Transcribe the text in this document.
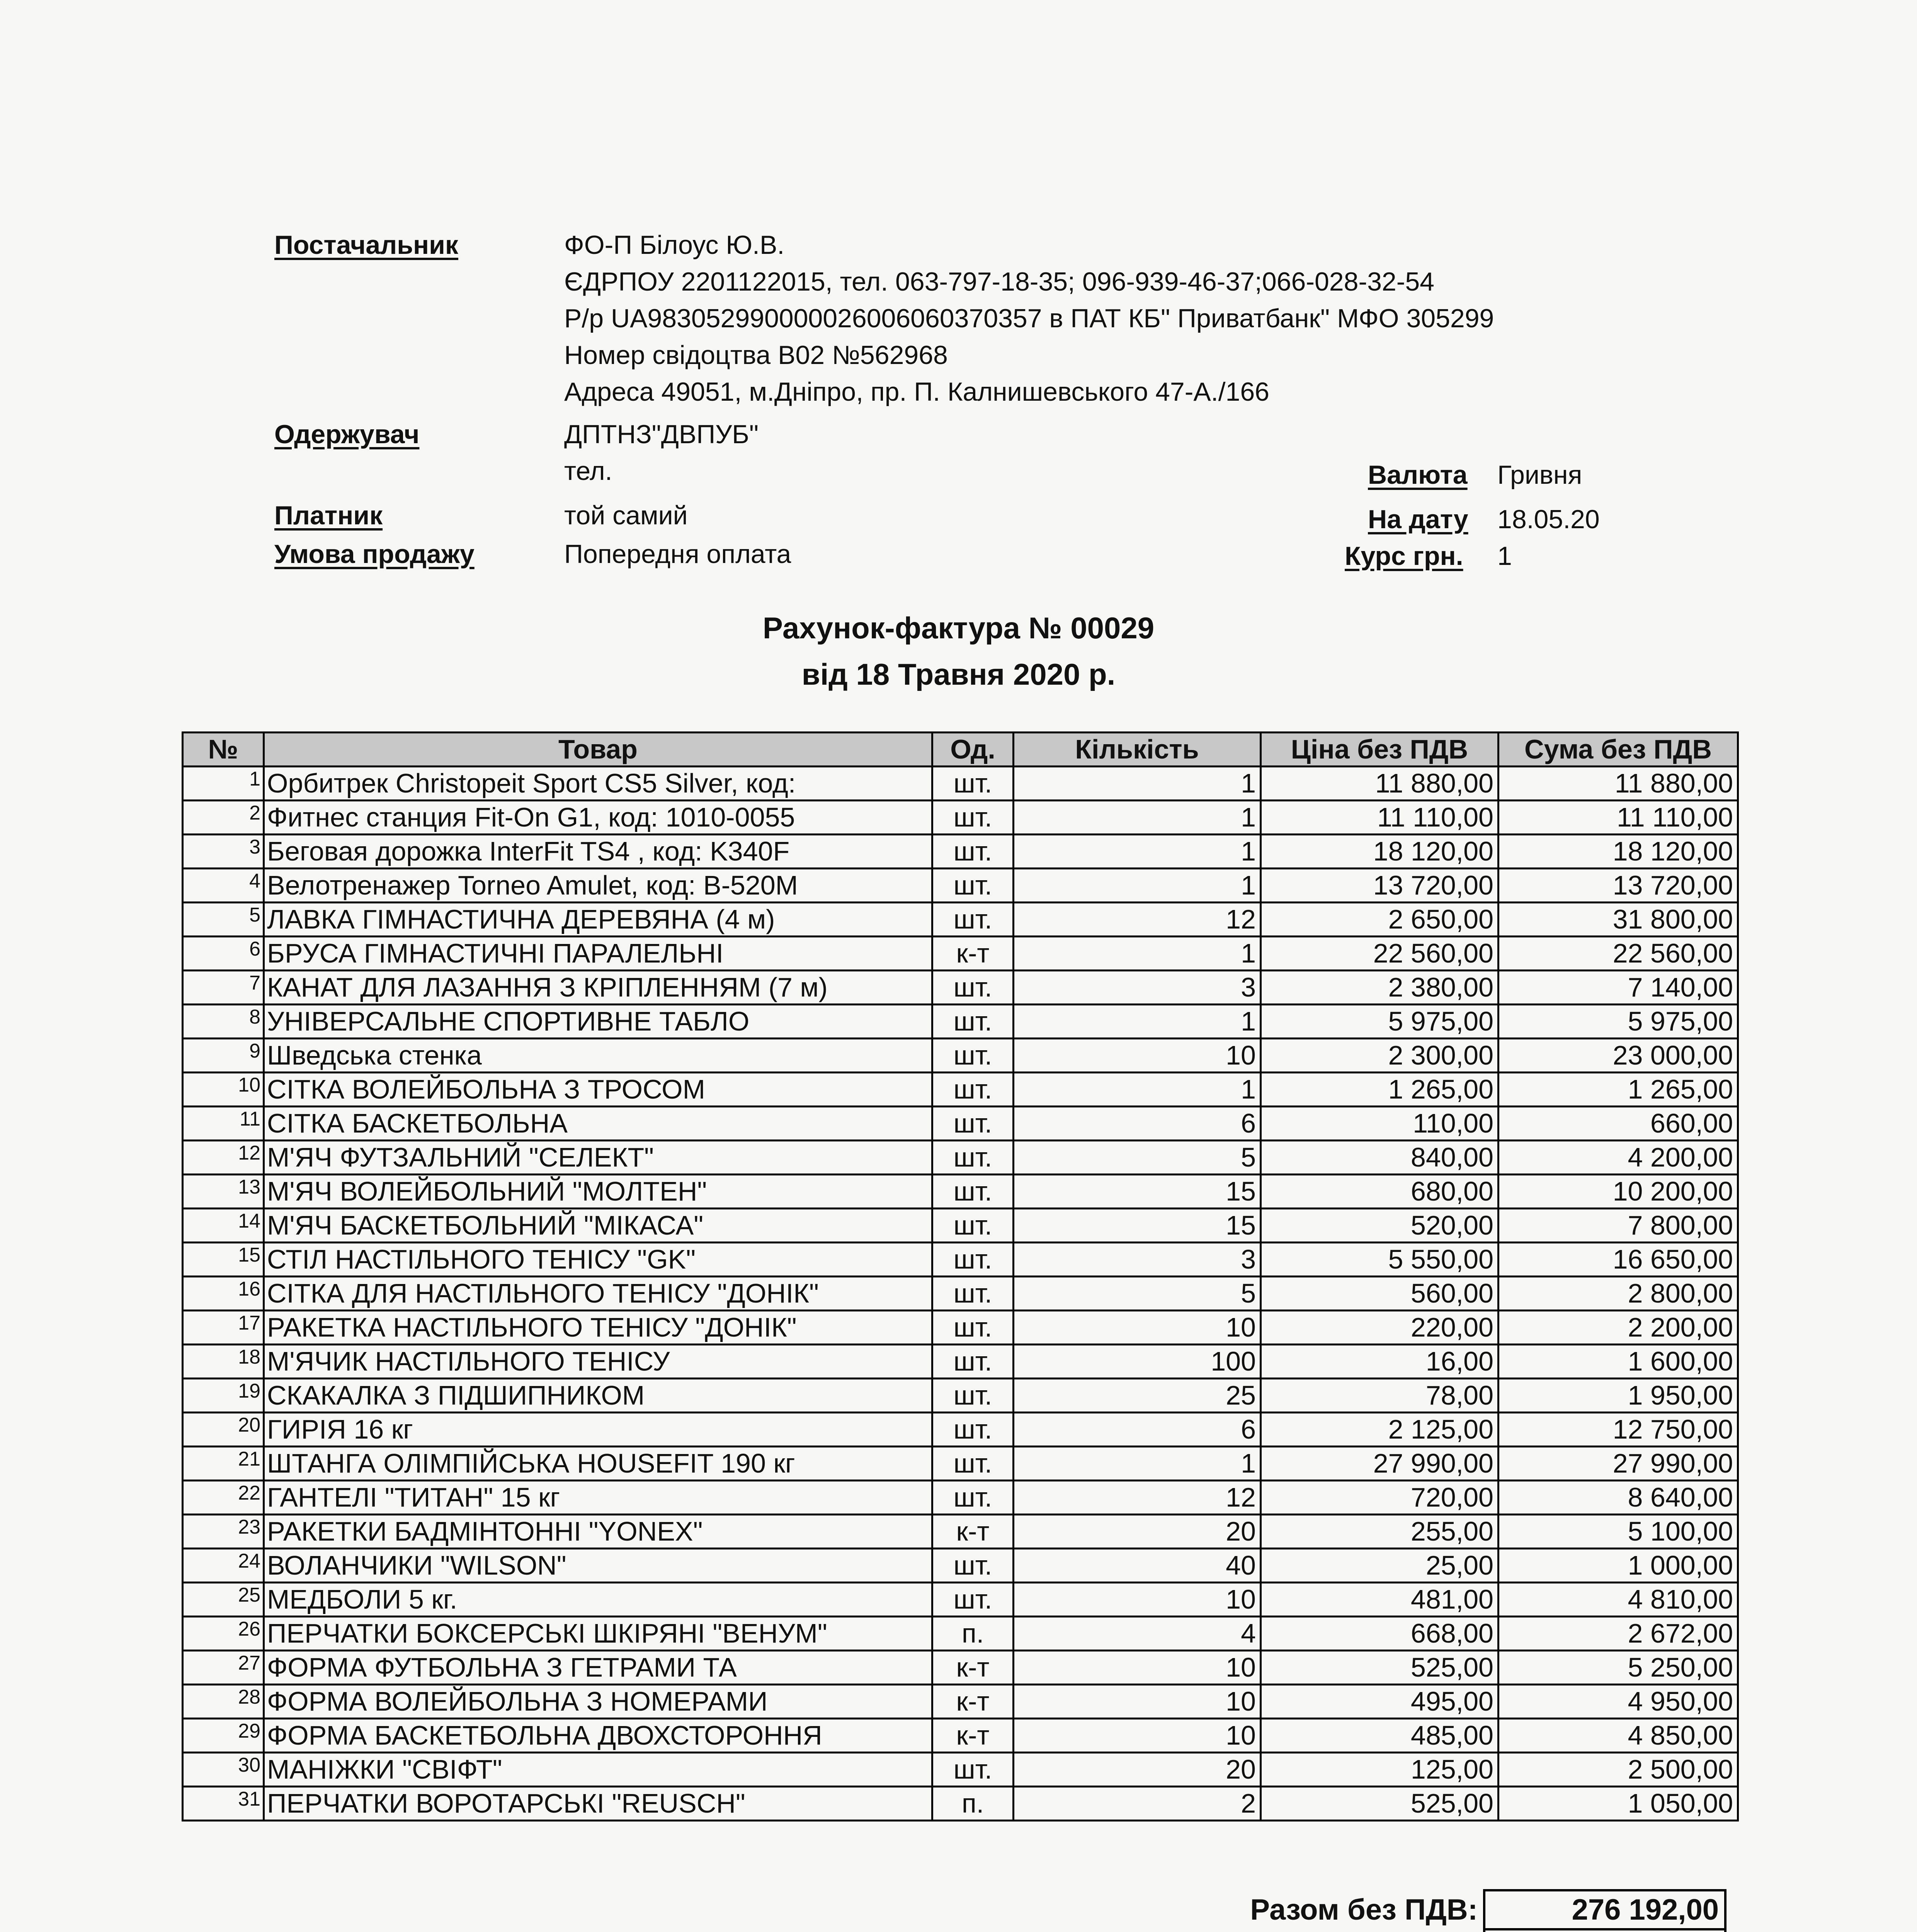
Постачальник	ФО-П Білоус Ю.В.
ЄДРПОУ 2201122015, тел. 063-797-18-35; 096-939-46-37;066-028-32-54
Р/р UA983052990000026006060370357 в ПАТ КБ" Приватбанк" МФО 305299
Номер свідоцтва В02 №562968
Адреса 49051, м.Дніпро, пр. П. Калнишевського 47-А./166
Одержувач	ДПТНЗ"ДВПУБ"
тел.	Валюта Гривня
Платник	той самий	На дату 18.05.20
Умова продажу	Попередня оплата	Курс грн. 1
Рахунок-фактура № 00029
від 18 Травня 2020 р.
№	Товар	Од.	Кількість	Ціна без ПДВ	Сума без ПДВ
1	Орбитрек Christopeit Sport CS5 Silver, код:	шт.	1	11 880,00	11 880,00
2	Фитнес станция Fit-On G1, код: 1010-0055	шт.	1	11 110,00	11 110,00
3	Беговая дорожка InterFit TS4 , код: K340F	шт.	1	18 120,00	18 120,00
4	Велотренажер Torneo Amulet, код: B-520M	шт.	1	13 720,00	13 720,00
5	ЛАВКА ГІМНАСТИЧНА ДЕРЕВЯНА (4 м)	шт.	12	2 650,00	31 800,00
6	БРУСА ГІМНАСТИЧНІ ПАРАЛЕЛЬНІ	к-т	1	22 560,00	22 560,00
7	КАНАТ ДЛЯ ЛАЗАННЯ З КРІПЛЕННЯМ (7 м)	шт.	3	2 380,00	7 140,00
8	УНІВЕРСАЛЬНЕ СПОРТИВНЕ ТАБЛО	шт.	1	5 975,00	5 975,00
9	Шведська стенка	шт.	10	2 300,00	23 000,00
10	СІТКА ВОЛЕЙБОЛЬНА З ТРОСОМ	шт.	1	1 265,00	1 265,00
11	СІТКА БАСКЕТБОЛЬНА	шт.	6	110,00	660,00
12	М'ЯЧ ФУТЗАЛЬНИЙ "СЕЛЕКТ"	шт.	5	840,00	4 200,00
13	М'ЯЧ ВОЛЕЙБОЛЬНИЙ "МОЛТЕН"	шт.	15	680,00	10 200,00
14	М'ЯЧ БАСКЕТБОЛЬНИЙ "МІКАСА"	шт.	15	520,00	7 800,00
15	СТІЛ НАСТІЛЬНОГО ТЕНІСУ "GK"	шт.	3	5 550,00	16 650,00
16	СІТКА ДЛЯ НАСТІЛЬНОГО ТЕНІСУ "ДОНІК"	шт.	5	560,00	2 800,00
17	РАКЕТКА НАСТІЛЬНОГО ТЕНІСУ "ДОНІК"	шт.	10	220,00	2 200,00
18	М'ЯЧИК НАСТІЛЬНОГО ТЕНІСУ	шт.	100	16,00	1 600,00
19	СКАКАЛКА З ПІДШИПНИКОМ	шт.	25	78,00	1 950,00
20	ГИРІЯ 16 кг	шт.	6	2 125,00	12 750,00
21	ШТАНГА ОЛІМПІЙСЬКА HOUSEFIT 190 кг	шт.	1	27 990,00	27 990,00
22	ГАНТЕЛІ "ТИТАН" 15 кг	шт.	12	720,00	8 640,00
23	РАКЕТКИ БАДМІНТОННІ "YONEX"	к-т	20	255,00	5 100,00
24	ВОЛАНЧИКИ "WILSON"	шт.	40	25,00	1 000,00
25	МЕДБОЛИ 5 кг.	шт.	10	481,00	4 810,00
26	ПЕРЧАТКИ БОКСЕРСЬКІ ШКІРЯНІ "ВЕНУМ"	п.	4	668,00	2 672,00
27	ФОРМА ФУТБОЛЬНА З ГЕТРАМИ ТА	к-т	10	525,00	5 250,00
28	ФОРМА ВОЛЕЙБОЛЬНА З НОМЕРАМИ	к-т	10	495,00	4 950,00
29	ФОРМА БАСКЕТБОЛЬНА ДВОХСТОРОННЯ	к-т	10	485,00	4 850,00
30	МАНІЖКИ "СВІФТ"	шт.	20	125,00	2 500,00
31	ПЕРЧАТКИ ВОРОТАРСЬКІ "REUSCH"	п.	2	525,00	1 050,00
Разом без ПДВ:	276 192,00
